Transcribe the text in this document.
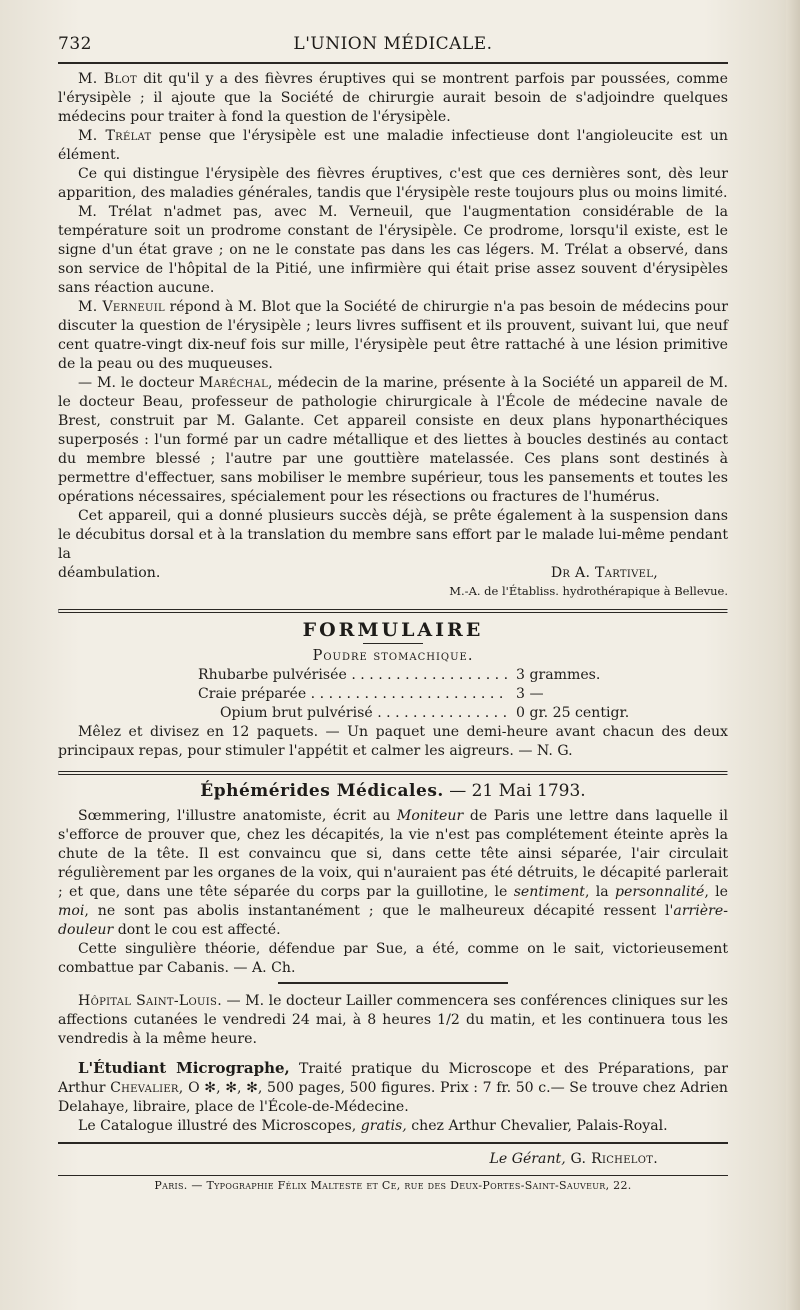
732	L'UNION MÉDICALE.

M. Blot dit qu'il y a des fièvres éruptives qui se montrent parfois par poussées, comme l'érysipèle ; il ajoute que la Société de chirurgie aurait besoin de s'adjoindre quelques médecins pour traiter à fond la question de l'érysipèle.

M. Trélat pense que l'érysipèle est une maladie infectieuse dont l'angioleucite est un élément.

Ce qui distingue l'érysipèle des fièvres éruptives, c'est que ces dernières sont, dès leur apparition, des maladies générales, tandis que l'érysipèle reste toujours plus ou moins limité.

M. Trélat n'admet pas, avec M. Verneuil, que l'augmentation considérable de la température soit un prodrome constant de l'érysipèle. Ce prodrome, lorsqu'il existe, est le signe d'un état grave ; on ne le constate pas dans les cas légers. M. Trélat a observé, dans son service de l'hôpital de la Pitié, une infirmière qui était prise assez souvent d'érysipèles sans réaction aucune.

M. Verneuil répond à M. Blot que la Société de chirurgie n'a pas besoin de médecins pour discuter la question de l'érysipèle ; leurs livres suffisent et ils prouvent, suivant lui, que neuf cent quatre-vingt dix-neuf fois sur mille, l'érysipèle peut être rattaché à une lésion primitive de la peau ou des muqueuses.

— M. le docteur Maréchal, médecin de la marine, présente à la Société un appareil de M. le docteur Beau, professeur de pathologie chirurgicale à l'École de médecine navale de Brest, construit par M. Galante. Cet appareil consiste en deux plans hyponarthéciques superposés : l'un formé par un cadre métallique et des liettes à boucles destinés au contact du membre blessé ; l'autre par une gouttière matelassée. Ces plans sont destinés à permettre d'effectuer, sans mobiliser le membre supérieur, tous les pansements et toutes les opérations nécessaires, spécialement pour les résections ou fractures de l'humérus.

Cet appareil, qui a donné plusieurs succès déjà, se prête également à la suspension dans le décubitus dorsal et à la translation du membre sans effort par le malade lui-même pendant la

déambulation.	Dr A. Tartivel,
M.-A. de l'Établiss. hydrothérapique à Bellevue.
FORMULAIRE
Poudre stomachique.
Rhubarbe pulvérisée . . .	3 grammes.
Craie préparée . . .	3 —
Opium brut pulvérisé . . .	0 gr. 25 centigr.

Mêlez et divisez en 12 paquets. — Un paquet une demi-heure avant chacun des deux principaux repas, pour stimuler l'appétit et calmer les aigreurs. — N. G.

Éphémérides Médicales. — 21 Mai 1793.

Sœmmering, l'illustre anatomiste, écrit au Moniteur de Paris une lettre dans laquelle il s'efforce de prouver que, chez les décapités, la vie n'est pas complétement éteinte après la chute de la tête. Il est convaincu que si, dans cette tête ainsi séparée, l'air circulait régulièrement par les organes de la voix, qui n'auraient pas été détruits, le décapité parlerait ; et que, dans une tête séparée du corps par la guillotine, le sentiment, la personnalité, le moi, ne sont pas abolis instantanément ; que le malheureux décapité ressent l'arrière-douleur dont le cou est affecté.

Cette singulière théorie, défendue par Sue, a été, comme on le sait, victorieusement combattue par Cabanis. — A. Ch.

Hôpital Saint-Louis. — M. le docteur Lailler commencera ses conférences cliniques sur les affections cutanées le vendredi 24 mai, à 8 heures 1/2 du matin, et les continuera tous les vendredis à la même heure.

L'Étudiant Micrographe, Traité pratique du Microscope et des Préparations, par Arthur Chevalier, O ✻, ✻, ✻, 500 pages, 500 figures. Prix : 7 fr. 50 c.— Se trouve chez Adrien Delahaye, libraire, place de l'École-de-Médecine.

Le Catalogue illustré des Microscopes, gratis, chez Arthur Chevalier, Palais-Royal.

Le Gérant, G. Richelot.
Paris. — Typographie Félix Malteste et Ce, rue des Deux-Portes-Saint-Sauveur, 22.
